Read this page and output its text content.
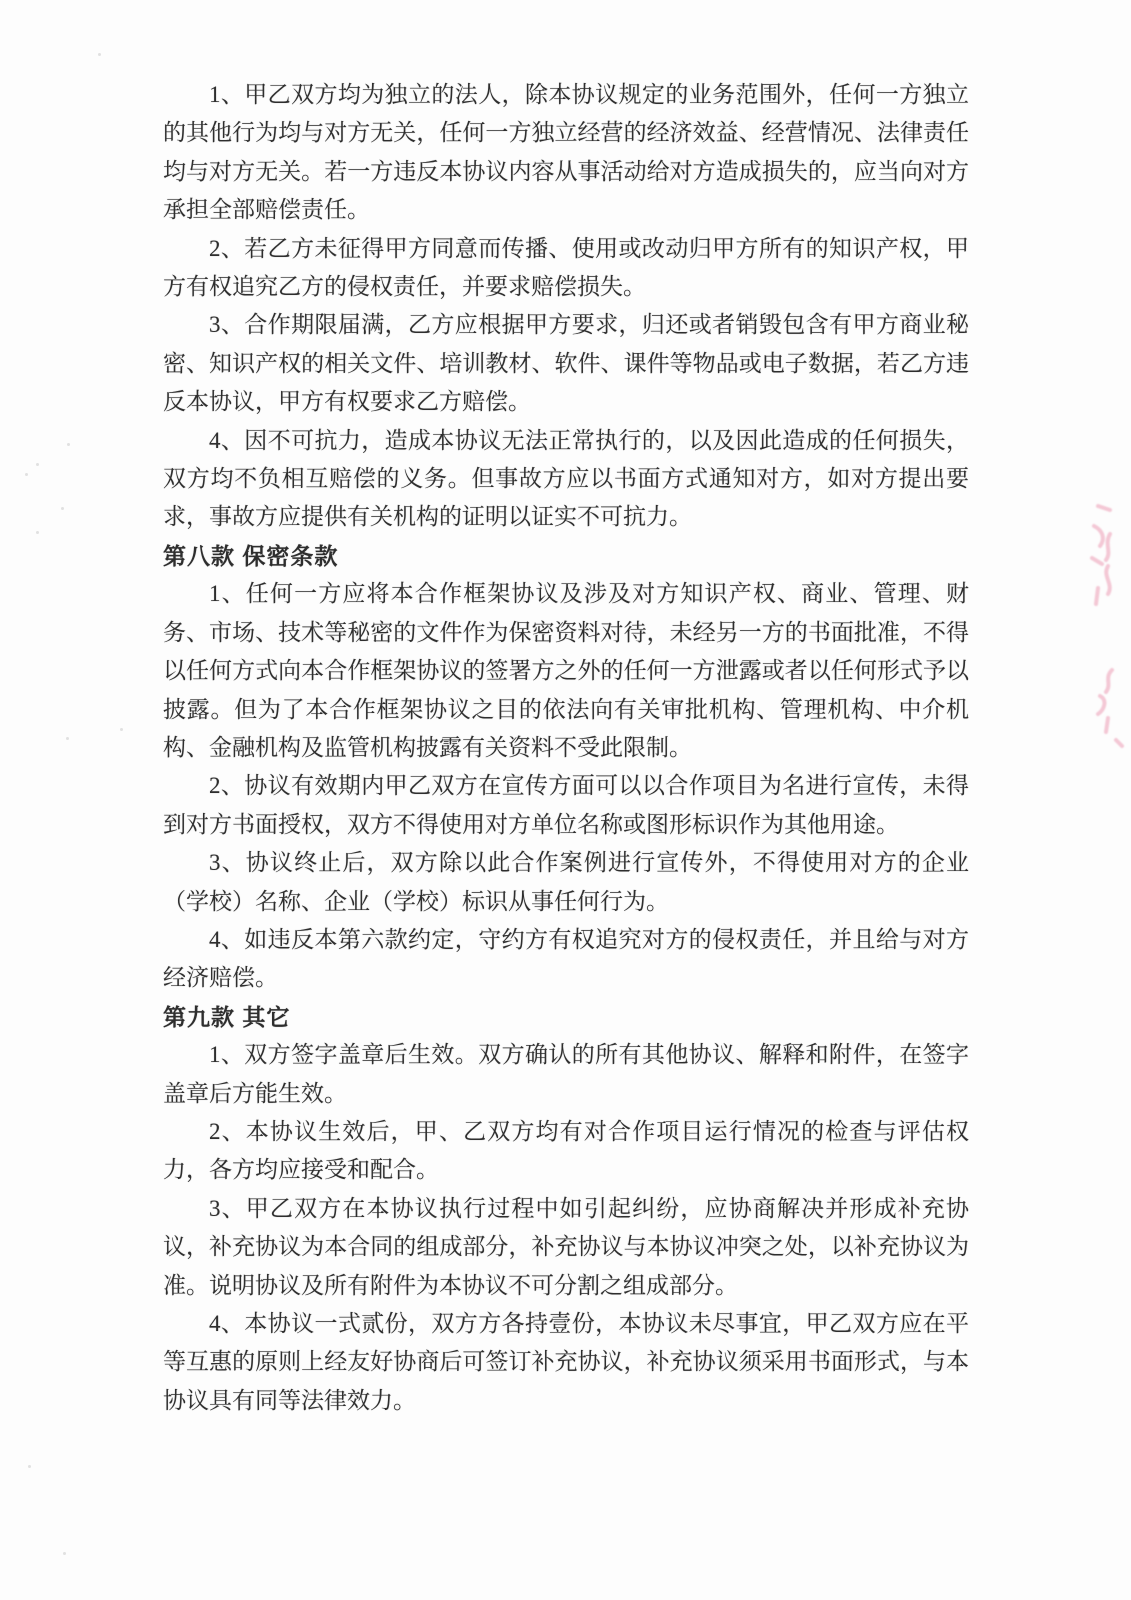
1、甲乙双方均为独立的法人，除本协议规定的业务范围外，任何一方独立的其他行为均与对方无关，任何一方独立经营的经济效益、经营情况、法律责任均与对方无关。若一方违反本协议内容从事活动给对方造成损失的，应当向对方承担全部赔偿责任。

2、若乙方未征得甲方同意而传播、使用或改动归甲方所有的知识产权，甲方有权追究乙方的侵权责任，并要求赔偿损失。

3、合作期限届满，乙方应根据甲方要求，归还或者销毁包含有甲方商业秘密、知识产权的相关文件、培训教材、软件、课件等物品或电子数据，若乙方违反本协议，甲方有权要求乙方赔偿。

4、因不可抗力，造成本协议无法正常执行的，以及因此造成的任何损失，双方均不负相互赔偿的义务。但事故方应以书面方式通知对方，如对方提出要求，事故方应提供有关机构的证明以证实不可抗力。

第八款 保密条款

1、任何一方应将本合作框架协议及涉及对方知识产权、商业、管理、财务、市场、技术等秘密的文件作为保密资料对待，未经另一方的书面批准，不得以任何方式向本合作框架协议的签署方之外的任何一方泄露或者以任何形式予以披露。但为了本合作框架协议之目的依法向有关审批机构、管理机构、中介机构、金融机构及监管机构披露有关资料不受此限制。

2、协议有效期内甲乙双方在宣传方面可以以合作项目为名进行宣传，未得到对方书面授权，双方不得使用对方单位名称或图形标识作为其他用途。

3、协议终止后，双方除以此合作案例进行宣传外，不得使用对方的企业（学校）名称、企业（学校）标识从事任何行为。

4、如违反本第六款约定，守约方有权追究对方的侵权责任，并且给与对方经济赔偿。

第九款 其它

1、双方签字盖章后生效。双方确认的所有其他协议、解释和附件，在签字盖章后方能生效。

2、本协议生效后，甲、乙双方均有对合作项目运行情况的检查与评估权力，各方均应接受和配合。

3、甲乙双方在本协议执行过程中如引起纠纷，应协商解决并形成补充协议，补充协议为本合同的组成部分，补充协议与本协议冲突之处，以补充协议为准。说明协议及所有附件为本协议不可分割之组成部分。

4、本协议一式贰份，双方方各持壹份，本协议未尽事宜，甲乙双方应在平等互惠的原则上经友好协商后可签订补充协议，补充协议须采用书面形式，与本协议具有同等法律效力。
